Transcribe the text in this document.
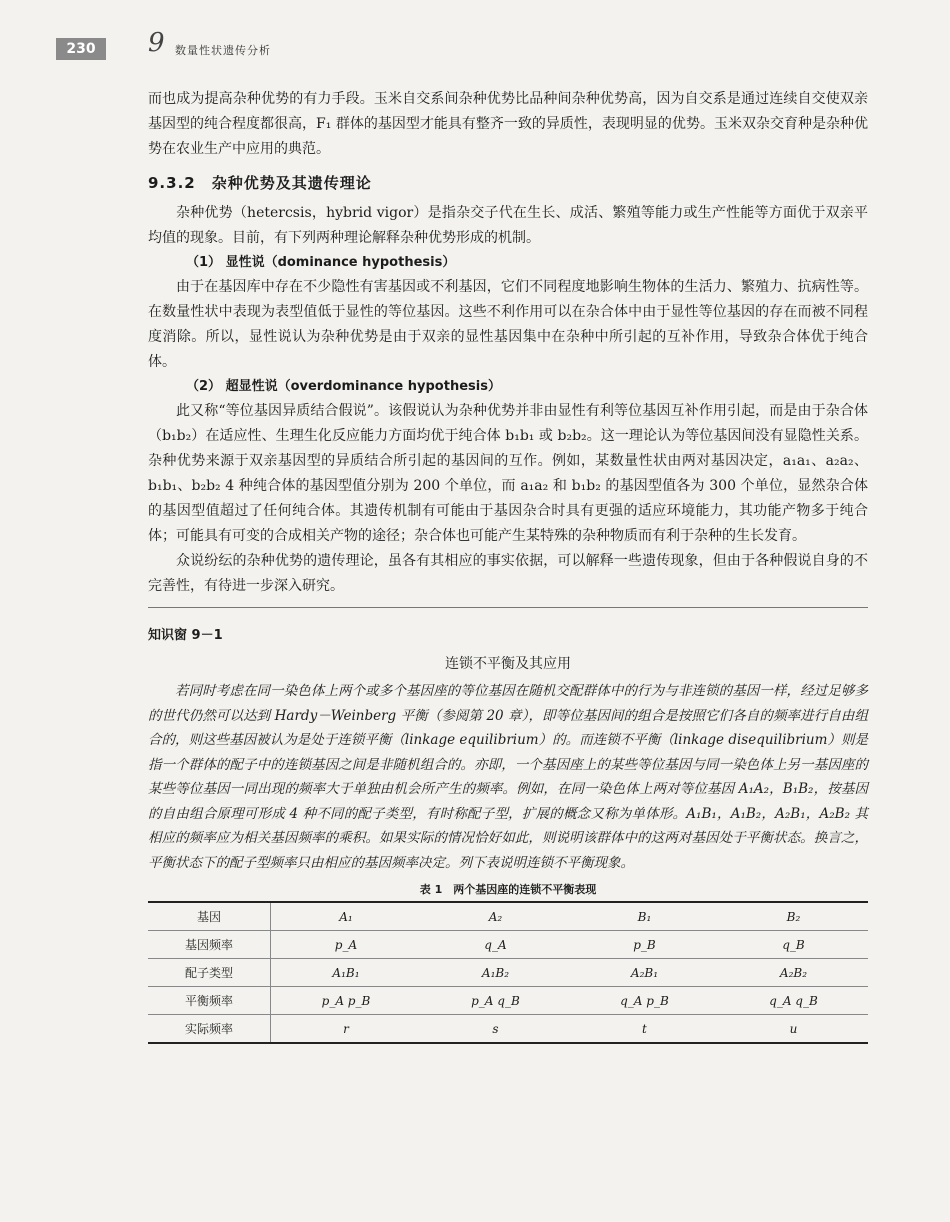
230	9 数量性状遗传分析

而也成为提高杂种优势的有力手段。玉米自交系间杂种优势比品种间杂种优势高，因为自交系是通过连续自交使双亲基因型的纯合程度都很高，F₁ 群体的基因型才能具有整齐一致的异质性，表现明显的优势。玉米双杂交育种是杂种优势在农业生产中应用的典范。

9.3.2　杂种优势及其遗传理论

杂种优势（hetercsis，hybrid vigor）是指杂交子代在生长、成活、繁殖等能力或生产性能等方面优于双亲平均值的现象。目前，有下列两种理论解释杂种优势形成的机制。

（1） 显性说（dominance hypothesis）

由于在基因库中存在不少隐性有害基因或不利基因，它们不同程度地影响生物体的生活力、繁殖力、抗病性等。在数量性状中表现为表型值低于显性的等位基因。这些不利作用可以在杂合体中由于显性等位基因的存在而被不同程度消除。所以，显性说认为杂种优势是由于双亲的显性基因集中在杂种中所引起的互补作用，导致杂合体优于纯合体。

（2） 超显性说（overdominance hypothesis）

此又称“等位基因异质结合假说”。该假说认为杂种优势并非由显性有利等位基因互补作用引起，而是由于杂合体（b₁b₂）在适应性、生理生化反应能力方面均优于纯合体 b₁b₁ 或 b₂b₂。这一理论认为等位基因间没有显隐性关系。杂种优势来源于双亲基因型的异质结合所引起的基因间的互作。例如，某数量性状由两对基因决定，a₁a₁、a₂a₂、b₁b₁、b₂b₂ 4 种纯合体的基因型值分别为 200 个单位，而 a₁a₂ 和 b₁b₂ 的基因型值各为 300 个单位，显然杂合体的基因型值超过了任何纯合体。其遗传机制有可能由于基因杂合时具有更强的适应环境能力，其功能产物多于纯合体；可能具有可变的合成相关产物的途径；杂合体也可能产生某特殊的杂种物质而有利于杂种的生长发育。

众说纷纭的杂种优势的遗传理论，虽各有其相应的事实依据，可以解释一些遗传现象，但由于各种假说自身的不完善性，有待进一步深入研究。

知识窗 9－1
连锁不平衡及其应用

若同时考虑在同一染色体上两个或多个基因座的等位基因在随机交配群体中的行为与非连锁的基因一样，经过足够多的世代仍然可以达到 Hardy－Weinberg 平衡（参阅第 20 章），即等位基因间的组合是按照它们各自的频率进行自由组合的，则这些基因被认为是处于连锁平衡（linkage equilibrium）的。而连锁不平衡（linkage disequilibrium）则是指一个群体的配子中的连锁基因之间是非随机组合的。亦即，一个基因座上的某些等位基因与同一染色体上另一基因座的某些等位基因一同出现的频率大于单独由机会所产生的频率。例如，在同一染色体上两对等位基因 A₁A₂，B₁B₂，按基因的自由组合原理可形成 4 种不同的配子类型，有时称配子型，扩展的概念又称为单体形。A₁B₁，A₁B₂，A₂B₁，A₂B₂ 其相应的频率应为相关基因频率的乘积。如果实际的情况恰好如此，则说明该群体中的这两对基因处于平衡状态。换言之，平衡状态下的配子型频率只由相应的基因频率决定。列下表说明连锁不平衡现象。

表 1　两个基因座的连锁不平衡表现
基因	A₁	A₂	B₁	B₂
基因频率	p_A	q_A	p_B	q_B
配子类型	A₁B₁	A₁B₂	A₂B₁	A₂B₂
平衡频率	p_A p_B	p_A q_B	q_A p_B	q_A q_B
实际频率	r	s	t	u
